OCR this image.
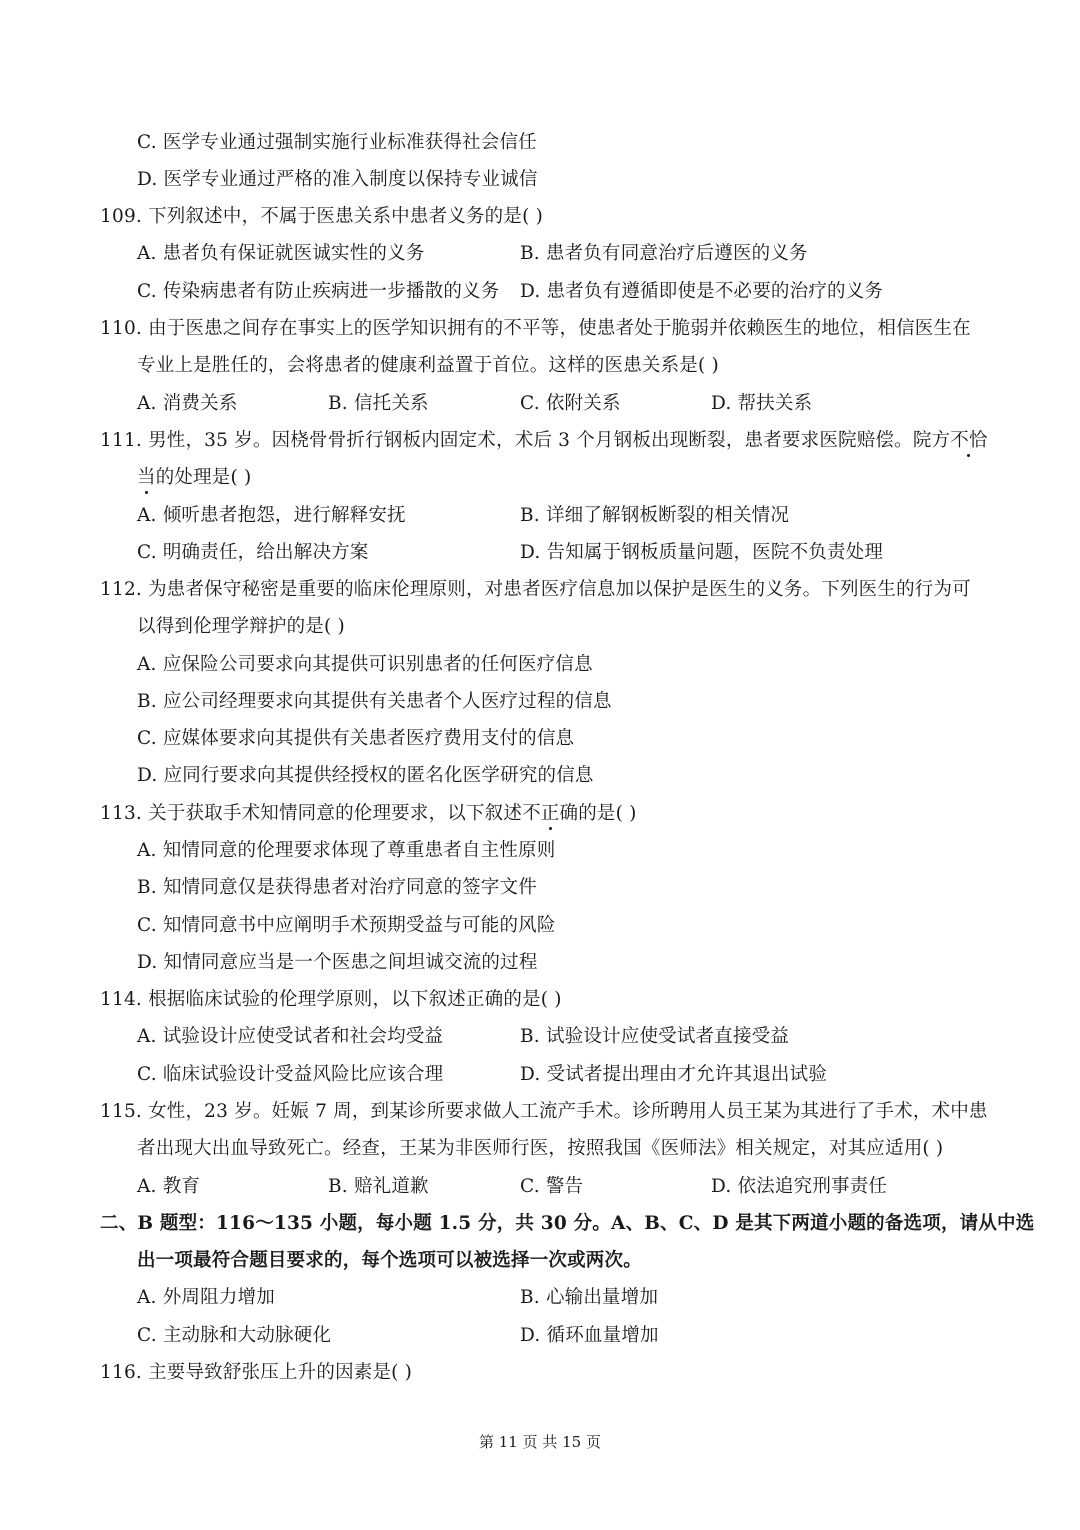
C. 医学专业通过强制实施行业标准获得社会信任
D. 医学专业通过严格的准入制度以保持专业诚信
109. 下列叙述中，不属于医患关系中患者义务的是( )
A. 患者负有保证就医诚实性的义务	B. 患者负有同意治疗后遵医的义务
C. 传染病患者有防止疾病进一步播散的义务 D. 患者负有遵循即使是不必要的治疗的义务
110. 由于医患之间存在事实上的医学知识拥有的不平等，使患者处于脆弱并依赖医生的地位，相信医生在
专业上是胜任的，会将患者的健康利益置于首位。这样的医患关系是( )
A. 消费关系	B. 信托关系	C. 依附关系	D. 帮扶关系
111. 男性，35 岁。因桡骨骨折行钢板内固定术，术后 3 个月钢板出现断裂，患者要求医院赔偿。院方不恰
当的处理是( )
A. 倾听患者抱怨，进行解释安抚	B. 详细了解钢板断裂的相关情况
C. 明确责任，给出解决方案	D. 告知属于钢板质量问题，医院不负责处理
112. 为患者保守秘密是重要的临床伦理原则，对患者医疗信息加以保护是医生的义务。下列医生的行为可
以得到伦理学辩护的是( )
A. 应保险公司要求向其提供可识别患者的任何医疗信息
B. 应公司经理要求向其提供有关患者个人医疗过程的信息
C. 应媒体要求向其提供有关患者医疗费用支付的信息
D. 应同行要求向其提供经授权的匿名化医学研究的信息
113. 关于获取手术知情同意的伦理要求，以下叙述不正确的是( )
A. 知情同意的伦理要求体现了尊重患者自主性原则
B. 知情同意仅是获得患者对治疗同意的签字文件
C. 知情同意书中应阐明手术预期受益与可能的风险
D. 知情同意应当是一个医患之间坦诚交流的过程
114. 根据临床试验的伦理学原则，以下叙述正确的是( )
A. 试验设计应使受试者和社会均受益	B. 试验设计应使受试者直接受益
C. 临床试验设计受益风险比应该合理	D. 受试者提出理由才允许其退出试验
115. 女性，23 岁。妊娠 7 周，到某诊所要求做人工流产手术。诊所聘用人员王某为其进行了手术，术中患
者出现大出血导致死亡。经查，王某为非医师行医，按照我国《医师法》相关规定，对其应适用( )
A. 教育	B. 赔礼道歉	C. 警告	D. 依法追究刑事责任
二、B 题型：116～135 小题，每小题 1.5 分，共 30 分。A、B、C、D 是其下两道小题的备选项，请从中选
出一项最符合题目要求的，每个选项可以被选择一次或两次。
A. 外周阻力增加	B. 心输出量增加
C. 主动脉和大动脉硬化	D. 循环血量增加
116. 主要导致舒张压上升的因素是( )
第 11 页 共 15 页
